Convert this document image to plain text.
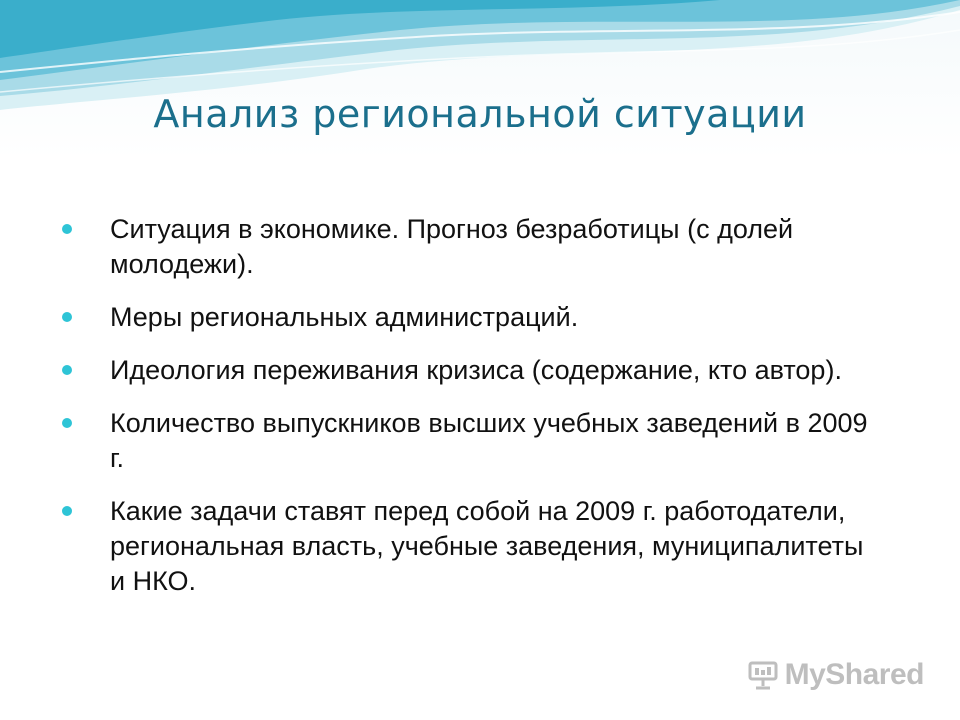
Анализ региональной ситуации
Ситуация в экономике. Прогноз безработицы (с долей молодежи).
Меры региональных администраций.
Идеология переживания кризиса (содержание, кто автор).
Количество выпускников высших учебных заведений в 2009 г.
Какие задачи ставят перед собой на 2009 г. работодатели, региональная власть, учебные заведения, муниципалитеты и НКО.
MyShared
